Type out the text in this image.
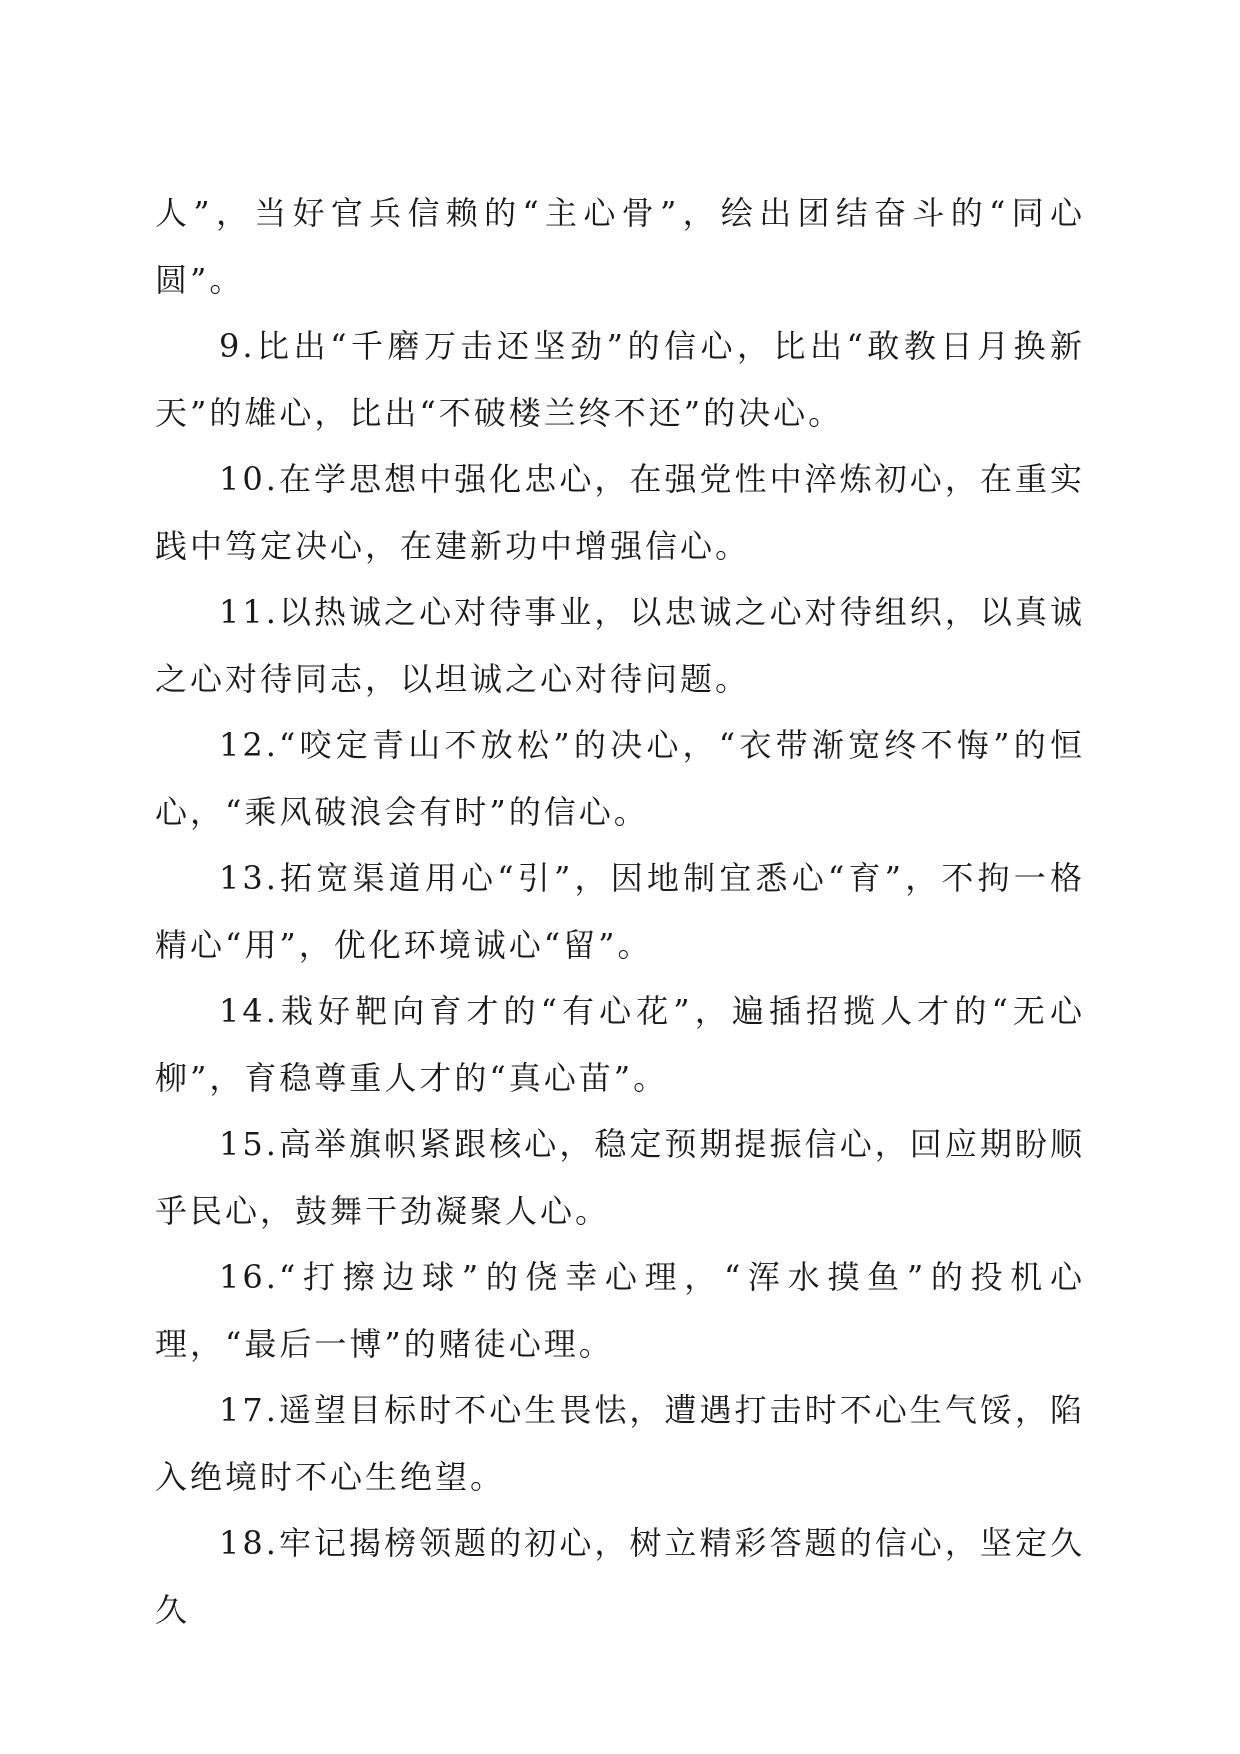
人”，当好官兵信赖的“主心骨”，绘出团结奋斗的“同心圆”。

9.比出“千磨万击还坚劲”的信心，比出“敢教日月换新天”的雄心，比出“不破楼兰终不还”的决心。

10.在学思想中强化忠心，在强党性中淬炼初心，在重实践中笃定决心，在建新功中增强信心。

11.以热诚之心对待事业，以忠诚之心对待组织，以真诚之心对待同志，以坦诚之心对待问题。

12.“咬定青山不放松”的决心，“衣带渐宽终不悔”的恒心，“乘风破浪会有时”的信心。

13.拓宽渠道用心“引”，因地制宜悉心“育”，不拘一格精心“用”，优化环境诚心“留”。

14.栽好靶向育才的“有心花”，遍插招揽人才的“无心柳”，育稳尊重人才的“真心苗”。

15.高举旗帜紧跟核心，稳定预期提振信心，回应期盼顺乎民心，鼓舞干劲凝聚人心。

16.“打擦边球”的侥幸心理，“浑水摸鱼”的投机心理，“最后一博”的赌徒心理。

17.遥望目标时不心生畏怯，遭遇打击时不心生气馁，陷入绝境时不心生绝望。

18.牢记揭榜领题的初心，树立精彩答题的信心，坚定久久
